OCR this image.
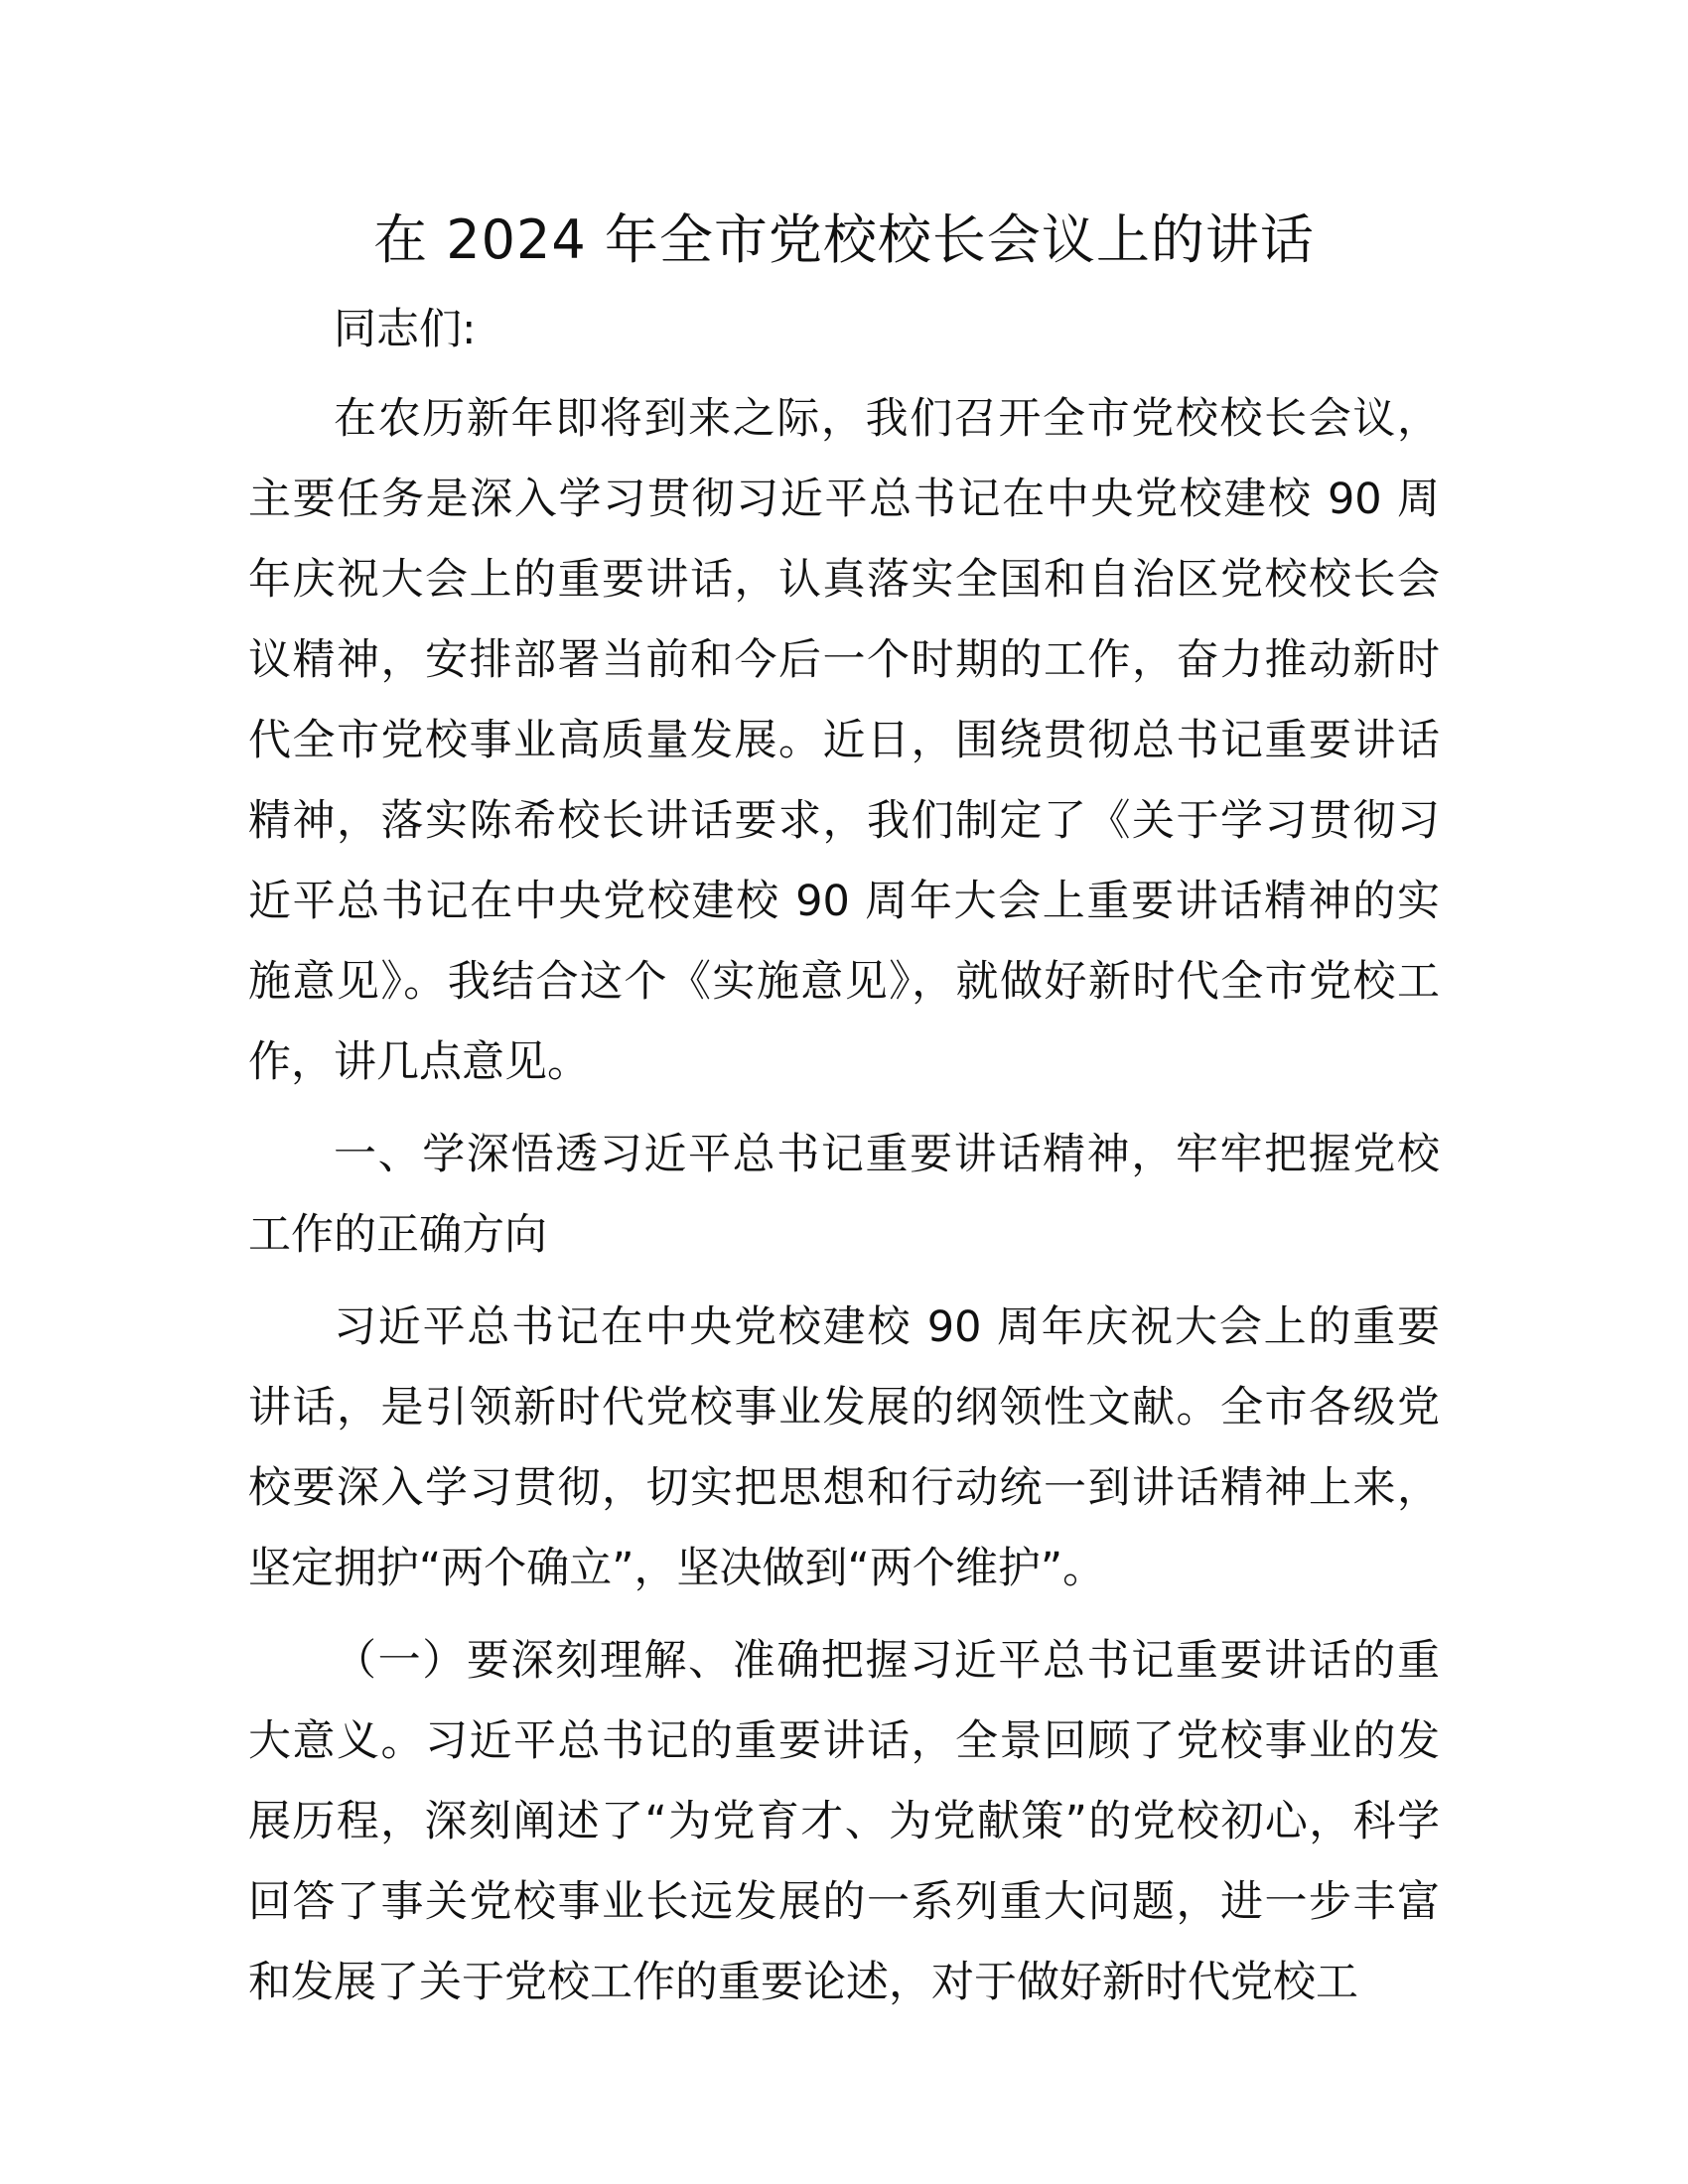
在 2024 年全市党校校长会议上的讲话

同志们:

在农历新年即将到来之际，我们召开全市党校校长会议，主要任务是深入学习贯彻习近平总书记在中央党校建校 90 周年庆祝大会上的重要讲话，认真落实全国和自治区党校校长会议精神，安排部署当前和今后一个时期的工作，奋力推动新时代全市党校事业高质量发展。近日，围绕贯彻总书记重要讲话精神，落实陈希校长讲话要求，我们制定了《关于学习贯彻习近平总书记在中央党校建校 90 周年大会上重要讲话精神的实施意见》。我结合这个《实施意见》，就做好新时代全市党校工作，讲几点意见。

一、学深悟透习近平总书记重要讲话精神，牢牢把握党校工作的正确方向

习近平总书记在中央党校建校 90 周年庆祝大会上的重要讲话，是引领新时代党校事业发展的纲领性文献。全市各级党校要深入学习贯彻，切实把思想和行动统一到讲话精神上来，坚定拥护“两个确立”，坚决做到“两个维护”。

（一）要深刻理解、准确把握习近平总书记重要讲话的重大意义。习近平总书记的重要讲话，全景回顾了党校事业的发展历程，深刻阐述了“为党育才、为党献策”的党校初心，科学回答了事关党校事业长远发展的一系列重大问题，进一步丰富和发展了关于党校工作的重要论述，对于做好新时代党校工
